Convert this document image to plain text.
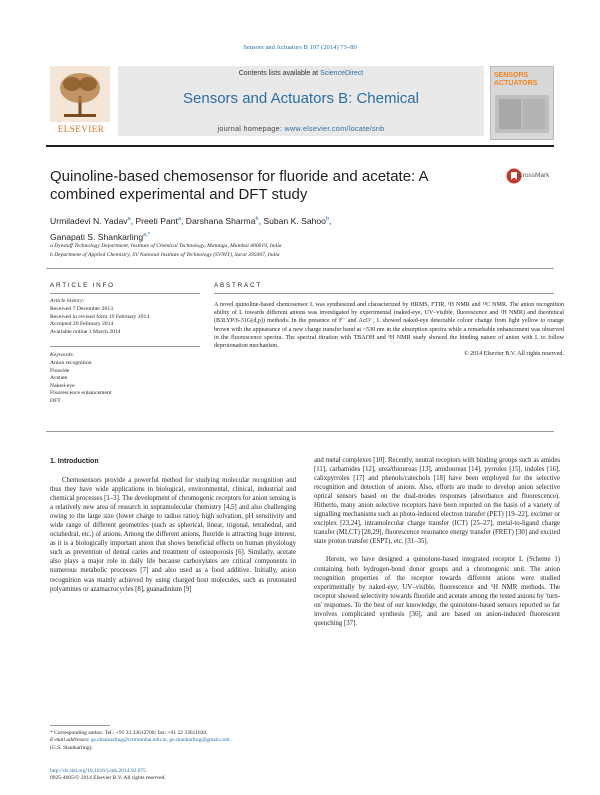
Sensors and Actuators B 197 (2014) 73–80
ELSEVIER
Contents lists available at ScienceDirect
Sensors and Actuators B: Chemical
journal homepage: www.elsevier.com/locate/snb
SENSORS
ACTUATORS
Quinoline-based chemosensor for fluoride and acetate: A combined experimental and DFT study
CrossMark
Urmiladevi N. Yadav$^a$, Preeti Pant$^a$, Darshana Sharma$^b$, Suban K. Sahoo$^b$,
Ganapati S. Shankarling$^{a,*}$
a Dyestuff Technology Department, Institute of Chemical Technology, Matunga, Mumbai 400019, India
b Department of Applied Chemistry, SV National Institute of Technology (SVNIT), Surat 395007, India
ARTICLE INFO
Article history:
Received 7 December 2013
Received in revised form 19 February 2014
Accepted 20 February 2014
Available online 1 March 2014
Keywords:
Anion recognition
Fluoride
Acetate
Naked-eye
Fluorescence enhancement
DFT
ABSTRACT
A novel quinoline-based chemosensor L was synthesized and characterized by HRMS, FTIR, ¹H NMR and ¹³C NMR. The anion recognition ability of L towards different anions was investigated by experimental (naked-eye, UV–visible, fluorescence and ¹H NMR) and theoretical (B3LYP/6-31G(d,p)) methods. In the presence of F⁻ and AcO⁻, L showed naked-eye detectable colour change from light yellow to orange brown with the appearance of a new charge transfer band at ~530 nm in the absorption spectra while a remarkable enhancement was observed in the fluorescence spectra. The spectral titration with TBAOH and ¹H NMR study showed the binding nature of anion with L to follow deprotonation mechanism.
© 2014 Elsevier B.V. All rights reserved.
1. Introduction

Chemosensors provide a powerful method for studying molecular recognition and thus they have wide applications in biological, environmental, clinical, industrial and chemical processes [1–3]. The development of chromogenic receptors for anion sensing is a relatively new area of research in supramolecular chemistry [4,5] and also challenging owing to the large size (lower charge to radius ratio), high solvation, pH sensitivity and wide range of different geometries (such as spherical, linear, trigonal, tetrahedral, and octahedral, etc.) of anions. Among the different anions, fluoride is attracting huge interest, as it is a biologically important anion that shows beneficial effects on human physiology such as prevention of dental caries and treatment of osteoporosis [6]. Similarly, acetate also plays a major role in daily life because carboxylates are critical components in numerous metabolic processes [7] and also used as a food additive. Initially, anion recognition was mainly achieved by using charged host molecules, such as protonated polyamines or azamacrocycles [8], guanadinium [9]

and metal complexes [10]. Recently, neutral receptors with binding groups such as amides [11], carbamides [12], urea/thioureas [13], amidoureas [14], pyrroles [15], indoles [16], calixpyrroles [17] and phenols/catechols [18] have been employed for the selective recognition and detection of anions. Also, efforts are made to develop anion selective optical sensors based on the dual-modes responses (absorbance and fluorescence). Hitherto, many anion selective receptors have been reported on the basis of a variety of signalling mechanisms such as photo-induced electron transfer (PET) [19–22], excimer or exciplex [23,24], intramolecular charge transfer (ICT) [25–27], metal-to-ligand charge transfer (MLCT) [28,29], fluorescence resonance energy transfer (FRET) [30] and excited state proton transfer (ESPT), etc. [31–35].

Herein, we have designed a quinolone-based integrated receptor L (Scheme 1) containing both hydrogen-bond donor groups and a chromogenic unit. The anion recognition properties of the receptor towards different anions were studied experimentally by naked-eye, UV–visible, fluorescence and ¹H NMR methods. The receptor showed selectivity towards fluoride and acetate among the tested anions by 'turn-on' responses. To the best of our knowledge, the quinolone-based sensors reported so far involves complicated synthesis [36], and are based on anion-induced fluorescent quenching [37].

* Corresponding author. Tel.: +91 22 33612708; fax: +91 22 33611020.
E-mail addresses: gs.shankarling@ictmumbai.edu.in, gs.shankarling@gmail.com
(G.S. Shankarling).
http://dx.doi.org/10.1016/j.snb.2014.02.075
0925-4005/© 2014 Elsevier B.V. All rights reserved.
